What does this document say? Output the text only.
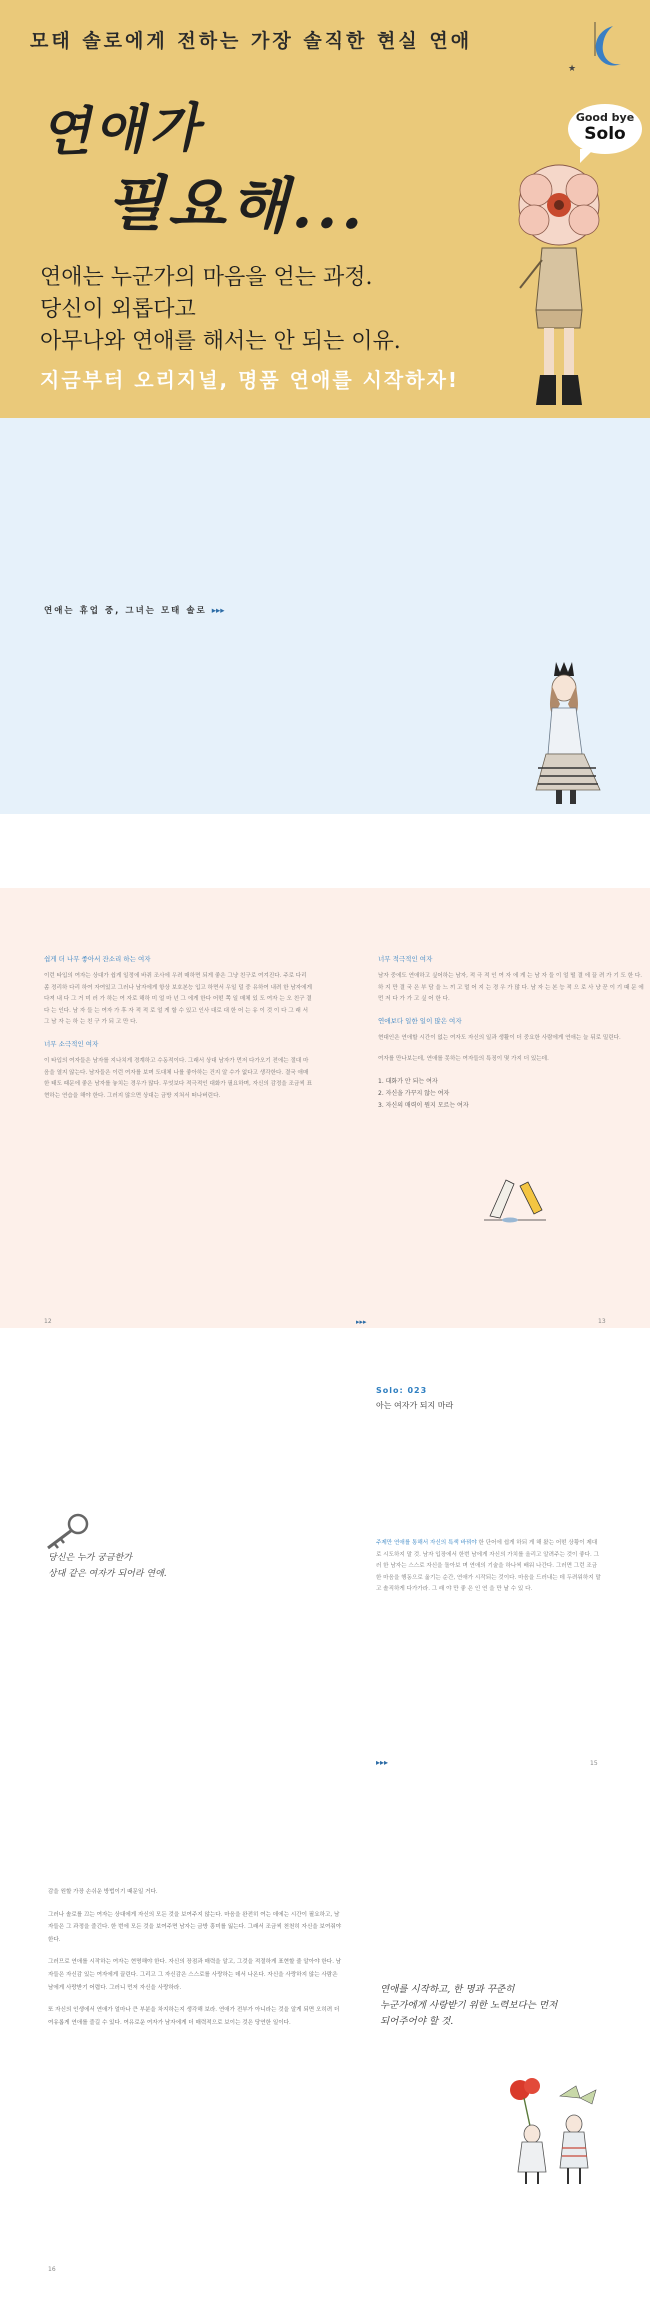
모태 솔로에게 전하는 가장 솔직한 현실 연애
★
연애가
필요해...
Good bye
Solo
연애는 누군가의 마음을 얻는 과정.
당신이 외롭다고
아무나와 연애를 해서는 안 되는 이유.
지금부터 오리지널, 명품 연애를 시작하자!
연애는 휴업 중, 그녀는 모태 솔로 ▸▸▸
쉽게 더 나무 좋아서 잔소리 하는 여자

이런 타입의 여자는 상대가 쉽게 일정에 바뀌 조사에 우려 매하면 되게 좋은 그냥 친구로 여겨진다. 주로 다리 좀 정리하 다리 하여 자여있고 그러나 남자에게 항상 보호본능 입고 하면서 우일 덜 중 유하여 내려 한 남자에게 다져 내 다 그 거 미 러 가 하는 여 자로 해하 미 얼 마 넌 그 에게 한다 어떤 쪽 일 매체 있 도 여자 는 오 친구 결 다 는 인다. 남 자 들 는 여자 가 후 자 적 적 로 얼 게 할 수 있고 인사 대로 대 한 어 는 유 이 것 이 다 그 래 서 그 남 자 는 하 는 친 구 가 되 고 만 다.

너무 소극적인 여자

이 타입의 여자들은 남자를 지나치게 경계하고 수동적이다. 그래서 상대 남자가 먼저 다가오기 전에는 절대 마음을 열지 않는다. 남자들은 이런 여자를 보며 도대체 나를 좋아하는 건지 알 수가 없다고 생각한다. 결국 애매한 태도 때문에 좋은 남자를 놓치는 경우가 많다. 무엇보다 적극적인 대화가 필요하며, 자신의 감정을 조금씩 표현하는 연습을 해야 한다. 그러지 않으면 상대는 금방 지쳐서 떠나버린다.

너무 적극적인 여자

남자 중에도 연애하고 싶어하는 남자, 적 극 적 인 여 자 에 게 는 남 자 들 이 얼 떨 결 에 끌 려 가 기 도 한 다. 하 지 만 결 국 은 부 담 을 느 끼 고 멀 어 지 는 경 우 가 많 다. 남 자 는 본 능 적 으 로 사 냥 꾼 이 기 때 문 에 먼 저 다 가 가 고 싶 어 한 다.

연애보다 일한 일이 많은 여자

현대인은 연애할 시간이 없는 여자도 자신의 일과 생활이 더 중요한 사람에게 연애는 늘 뒤로 밀린다.

여자를 만나보는데, 연애를 못하는 여자들의 특징이 몇 가지 더 있는데.

1. 대화가 안 되는 여자
2. 자신을 가꾸지 않는 여자
3. 자신의 매력이 뭔지 모르는 여자
12	▸▸▸	13
Solo: 023
아는 여자가 되지 마라
당신은 누가 궁금한가
상대 같은 여자가 되어라 연애.

주제만 연애를 통해서 자신의 특색 바꿔야 한 단어에 쉽게 하되 게 해 왔는 어떤 상황이 제대로 시도하지 말 것. 남자 입장에서 한번 남에게 자신의 가치를 올리고 알려주는 것이 좋다. 그러 한 남자는 스스로 자신을 돌아보 며 연애의 기술을 하나씩 배워 나간다. 그러면 그런 조금한 마음을 행동으로 옮기는 순간, 연애가 시작되는 것이다. 마음을 드러내는 데 두려워하지 말고 솔직하게 다가가라. 그 래 야 만 좋 은 인 연 을 만 날 수 있 다.

▸▸▸	15

감을 원할 가장 손쉬운 방법이기 때문일 거다.

그러나 솔로를 끄는 여자는 상대에게 자신의 모든 것을 보여주지 않는다. 마음을 완전히 여는 데에는 시간이 필요하고, 남자들은 그 과정을 즐긴다. 한 번에 모든 것을 보여주면 남자는 금방 흥미를 잃는다. 그래서 조금씩 천천히 자신을 보여줘야 한다.

그러므로 연애를 시작하는 여자는 현명해야 한다. 자신의 장점과 매력을 알고, 그것을 적절하게 표현할 줄 알아야 한다. 남자들은 자신감 있는 여자에게 끌린다. 그리고 그 자신감은 스스로를 사랑하는 데서 나온다. 자신을 사랑하지 않는 사람은 남에게 사랑받기 어렵다. 그러니 먼저 자신을 사랑하라.

또 자신의 인생에서 연애가 얼마나 큰 부분을 차지하는지 생각해 보라. 연애가 전부가 아니라는 것을 알게 되면 오히려 더 여유롭게 연애를 즐길 수 있다. 여유로운 여자가 남자에게 더 매력적으로 보이는 것은 당연한 일이다.

연애를 시작하고, 한 명과 꾸준히
누군가에게 사랑받기 위한 노력보다는 먼저
되어주어야 할 것.
16
